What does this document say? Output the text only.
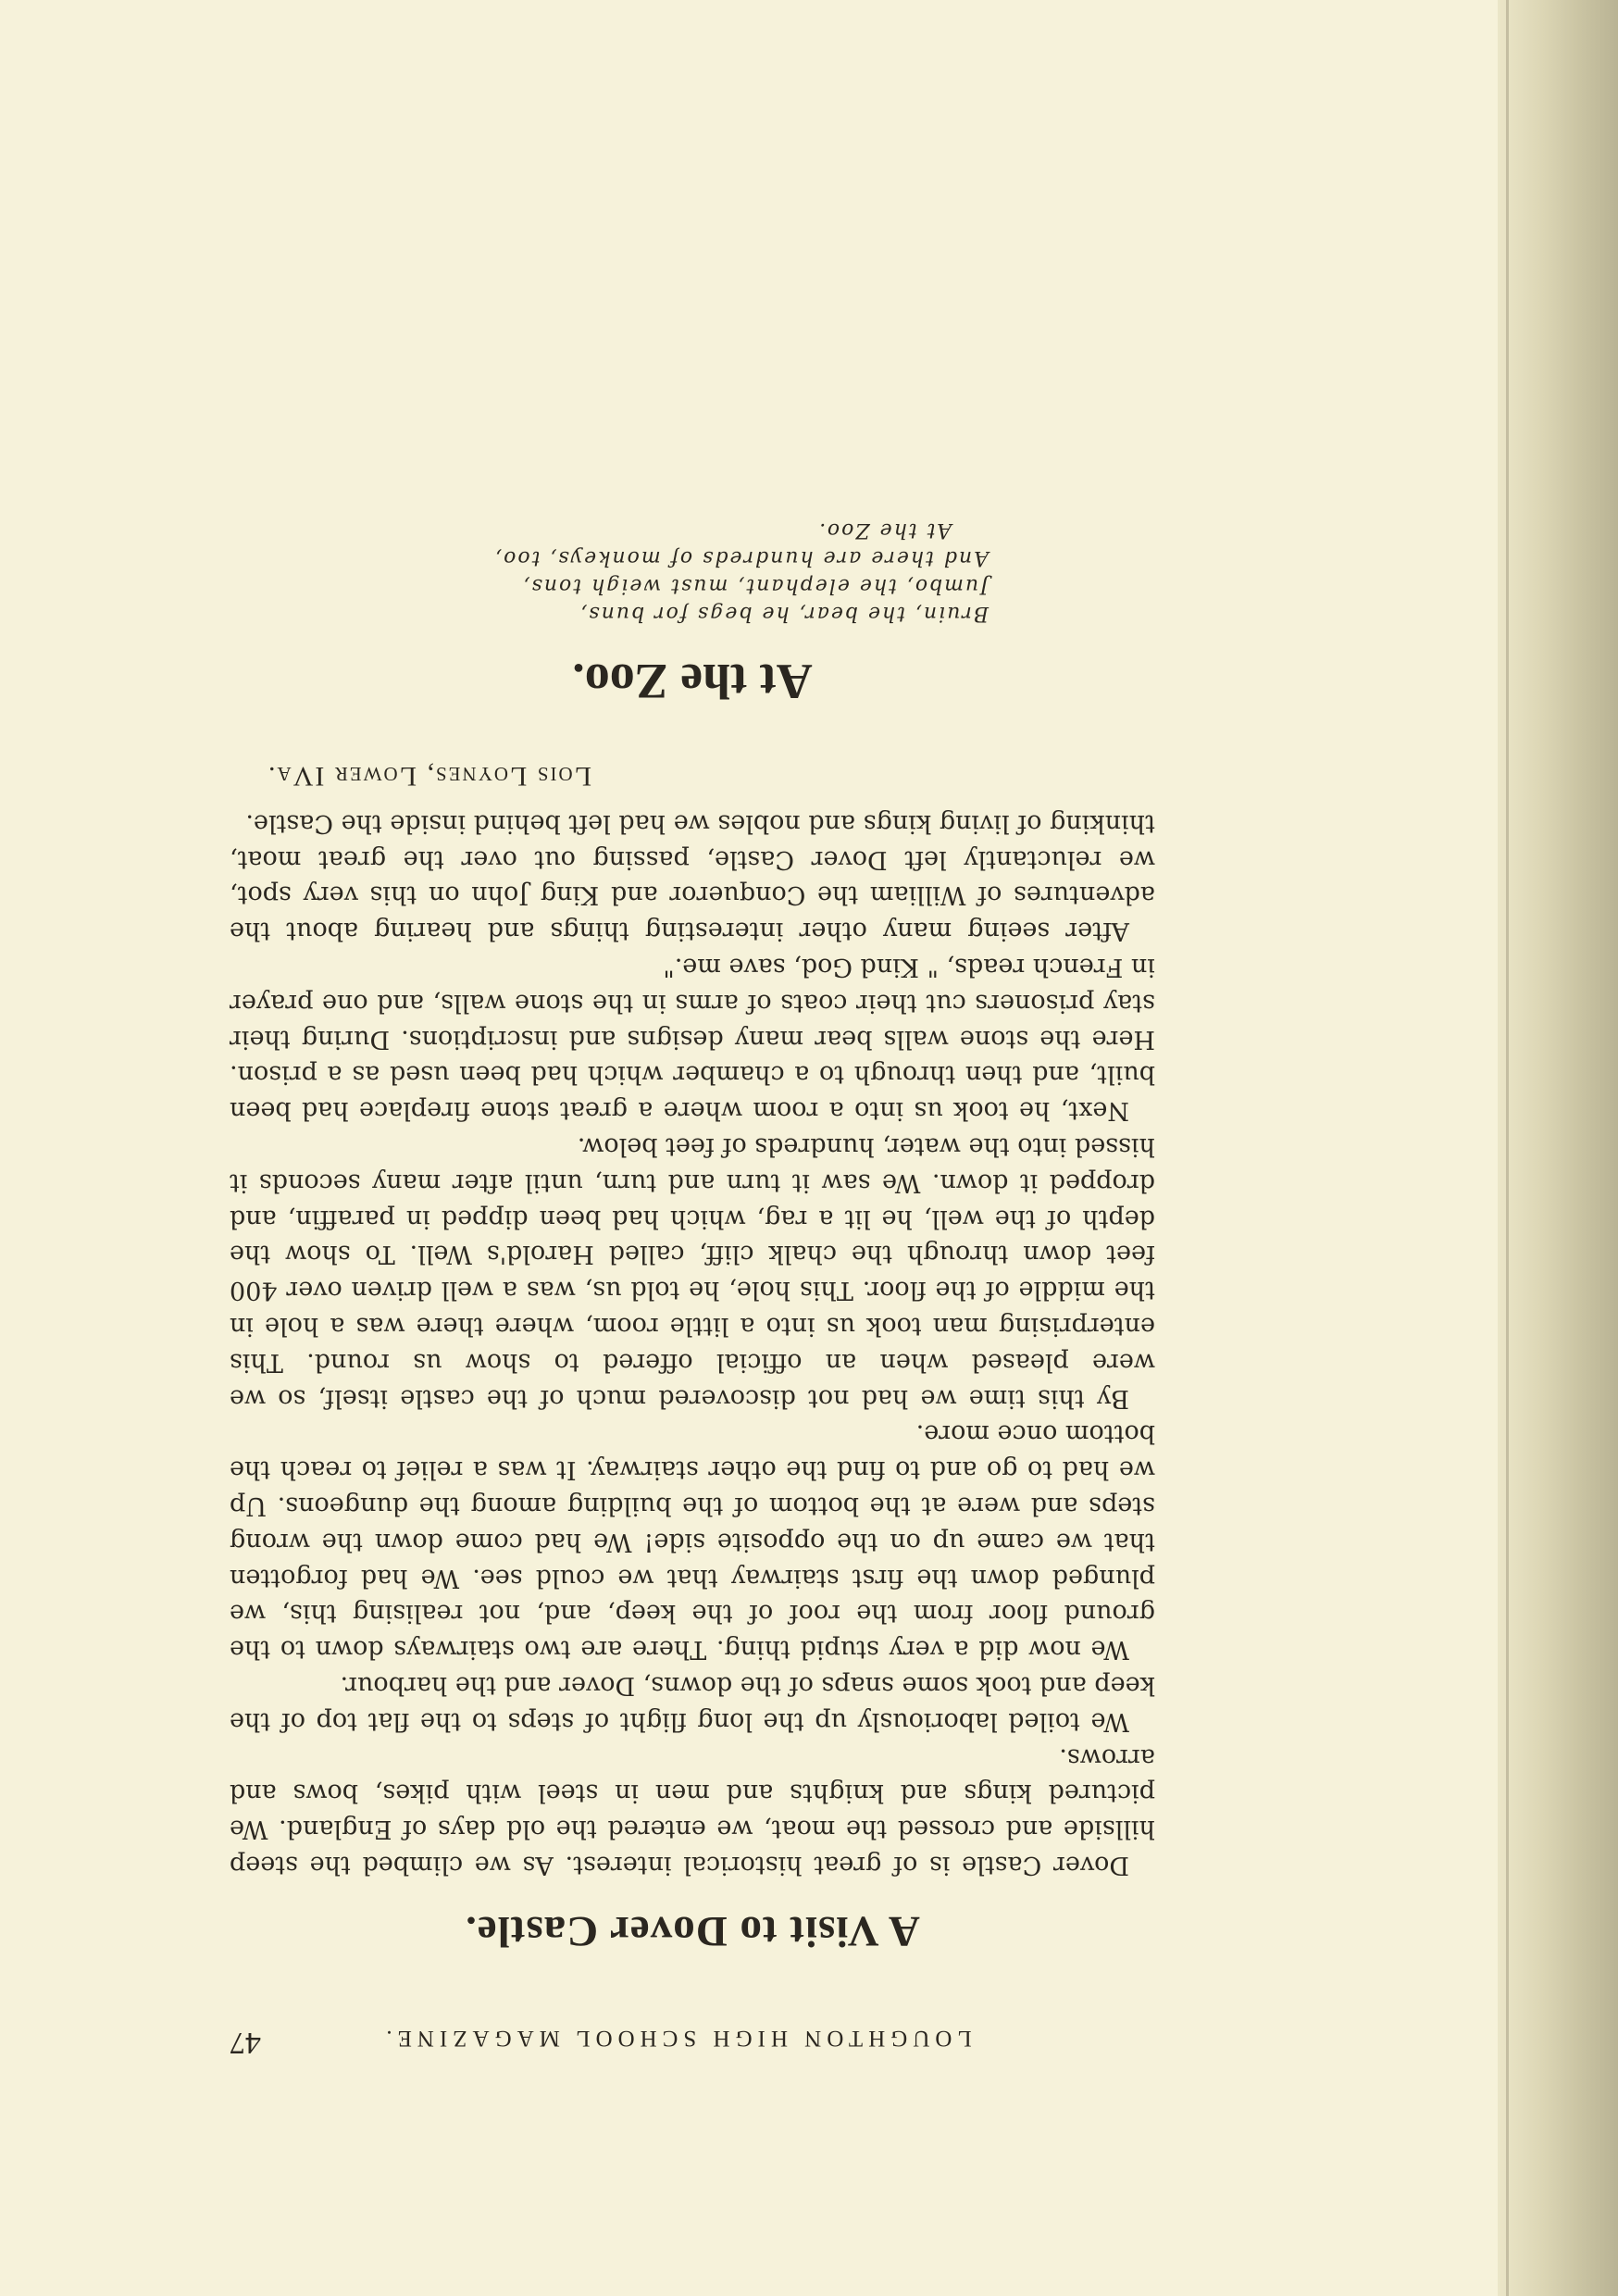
LOUGHTON HIGH SCHOOL MAGAZINE.
47
A Visit to Dover Castle.

Dover Castle is of great historical interest. As we climbed the steep hillside and crossed the moat, we entered the old days of England. We pictured kings and knights and men in steel with pikes, bows and arrows.

We toiled laboriously up the long flight of steps to the flat top of the keep and took some snaps of the downs, Dover and the harbour.

We now did a very stupid thing. There are two stairways down to the ground floor from the roof of the keep, and, not realising this, we plunged down the first stairway that we could see. We had forgotten that we came up on the opposite side! We had come down the wrong steps and were at the bottom of the building among the dungeons. Up we had to go and to find the other stairway. It was a relief to reach the bottom once more.

By this time we had not discovered much of the castle itself, so we were pleased when an official offered to show us round. This enterprising man took us into a little room, where there was a hole in the middle of the floor. This hole, he told us, was a well driven over 400 feet down through the chalk cliff, called Harold's Well. To show the depth of the well, he lit a rag, which had been dipped in paraffin, and dropped it down. We saw it turn and turn, until after many seconds it hissed into the water, hundreds of feet below.

Next, he took us into a room where a great stone fireplace had been built, and then through to a chamber which had been used as a prison. Here the stone walls bear many designs and inscriptions. During their stay prisoners cut their coats of arms in the stone walls, and one prayer in French reads, " Kind God, save me."

After seeing many other interesting things and hearing about the adventures of William the Conqueror and King John on this very spot, we reluctantly left Dover Castle, passing out over the great moat, thinking of living kings and nobles we had left behind inside the Castle.

Lois Loynes, Lower IVa.
At the Zoo.
Bruin, the bear, he begs for buns,
Jumbo, the elephant, must weigh tons,
And there are hundreds of monkeys, too,
At the Zoo.
